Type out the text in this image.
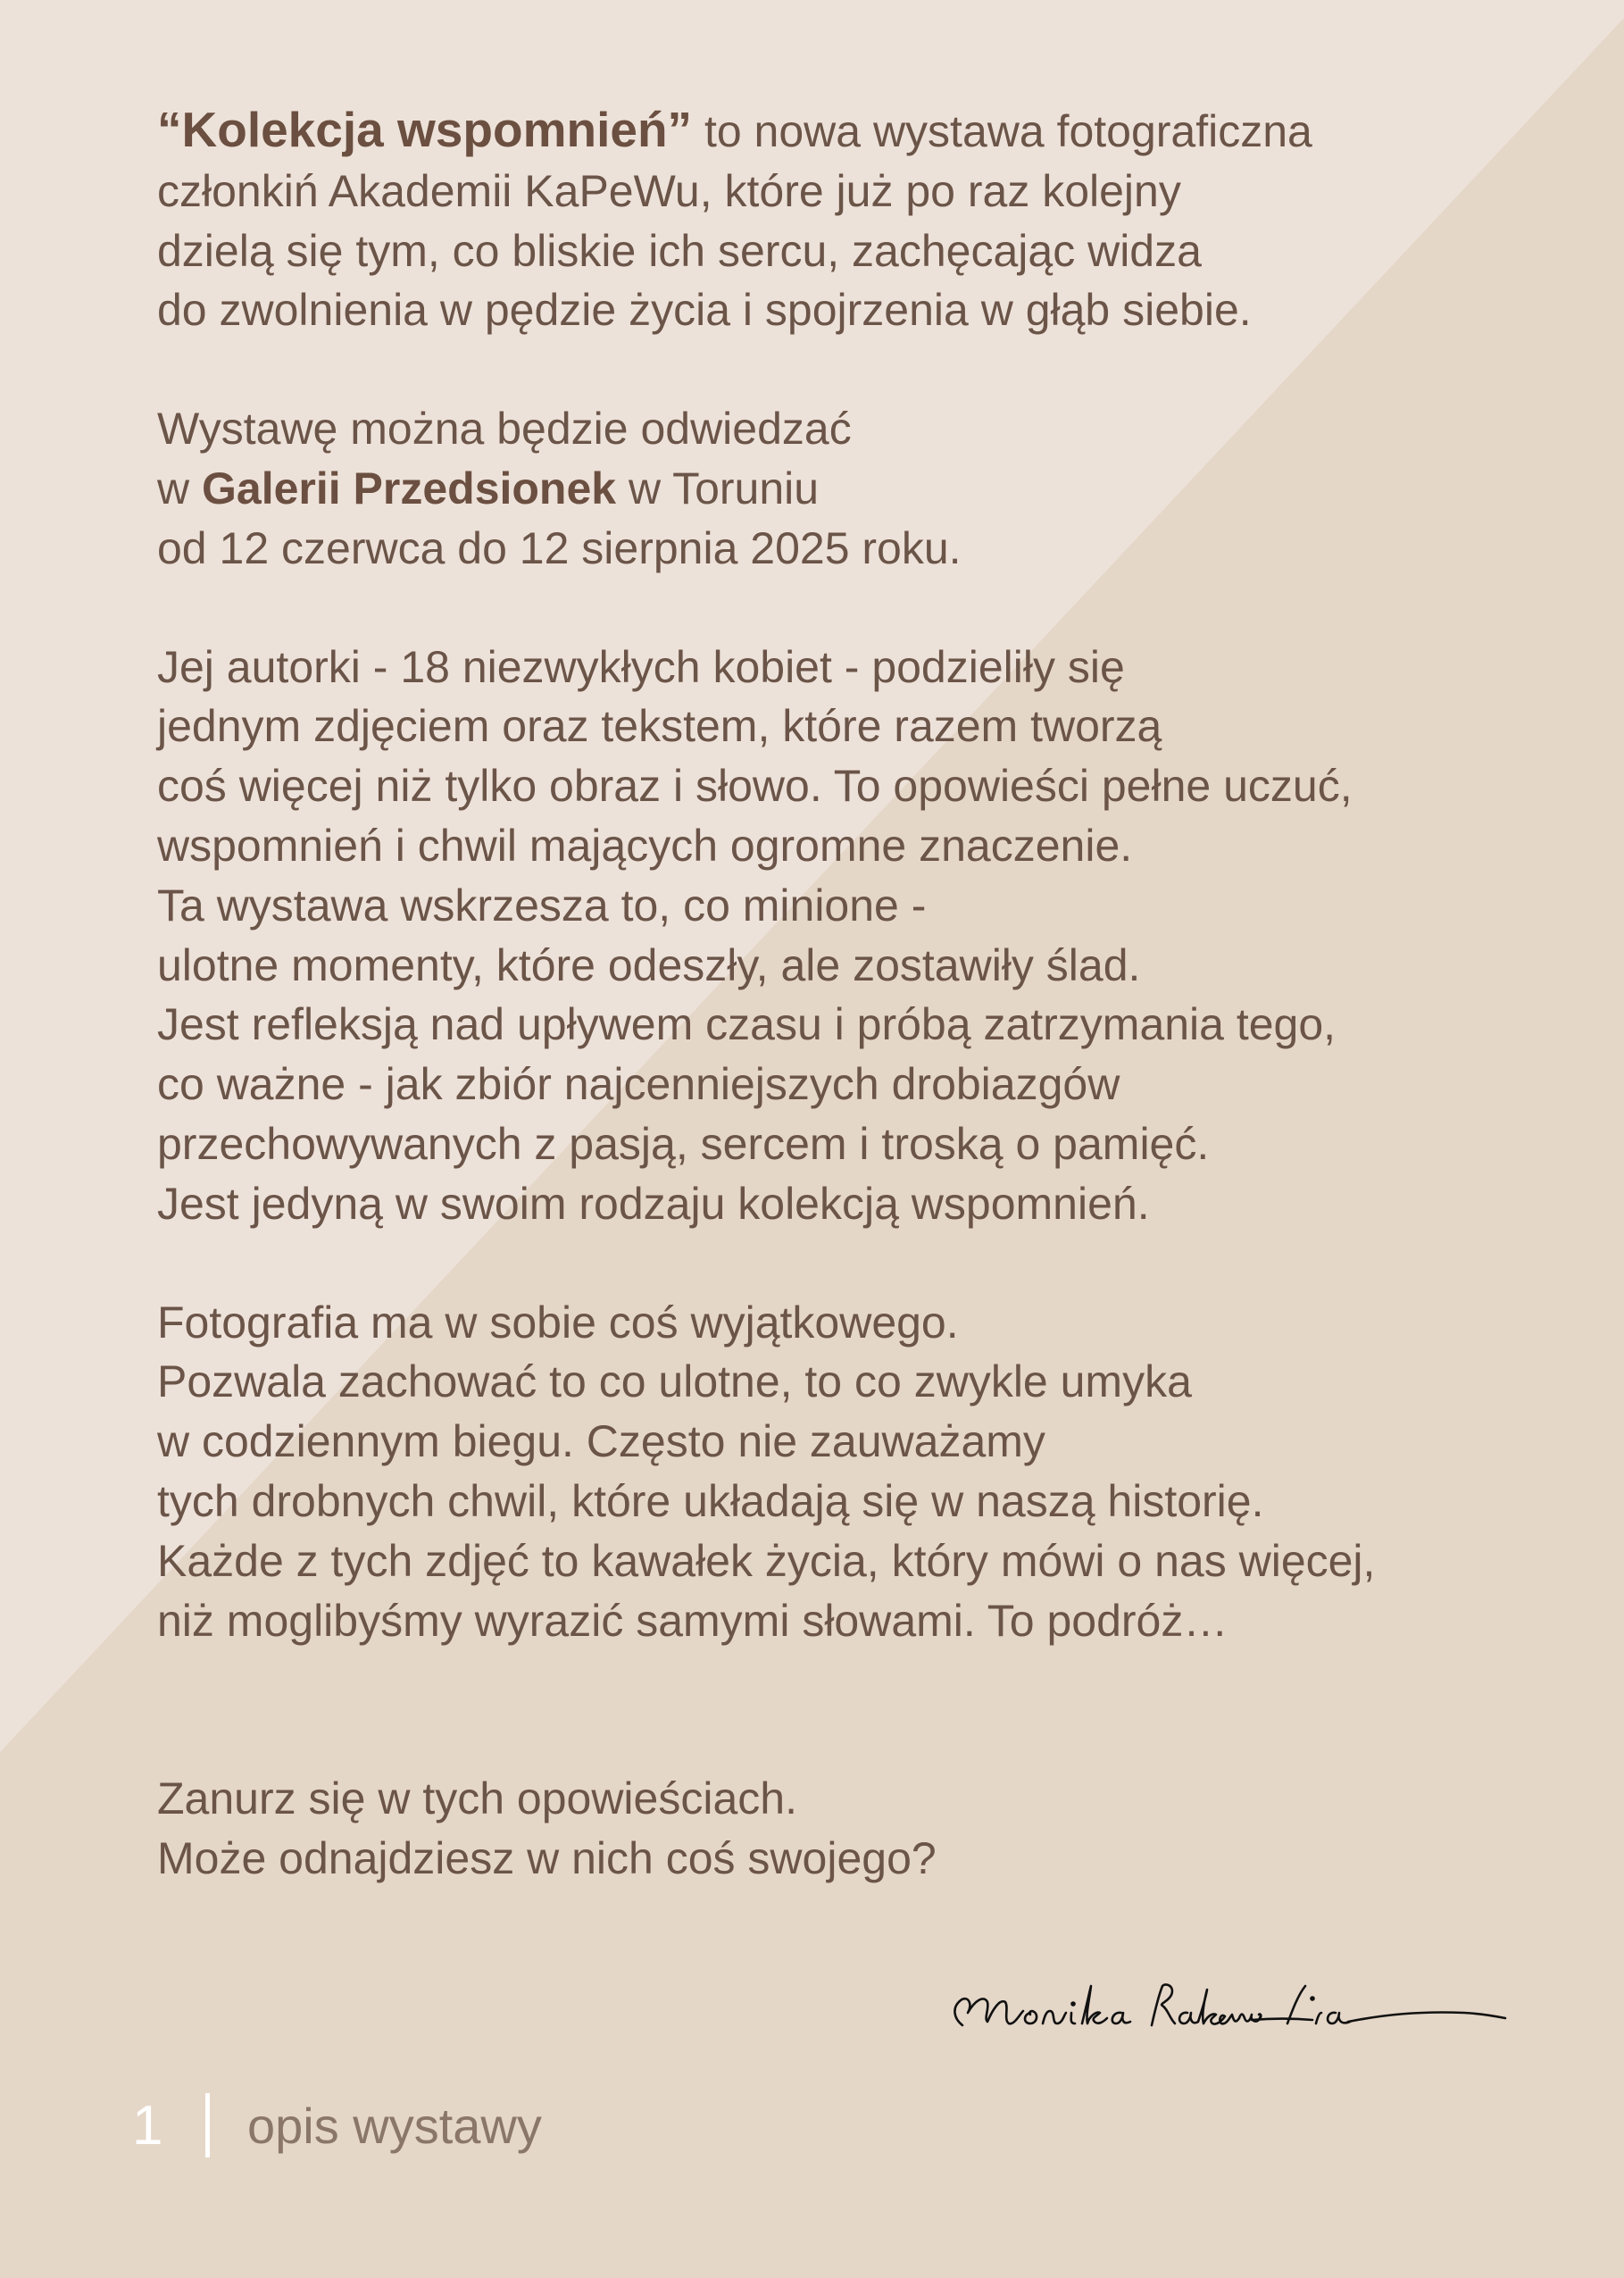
“Kolekcja wspomnień” to nowa wystawa fotograficzna
członkiń Akademii KaPeWu, które już po raz kolejny
dzielą się tym, co bliskie ich sercu, zachęcając widza
do zwolnienia w pędzie życia i spojrzenia w głąb siebie.

Wystawę można będzie odwiedzać
w Galerii Przedsionek w Toruniu
od 12 czerwca do 12 sierpnia 2025 roku.

Jej autorki - 18 niezwykłych kobiet - podzieliły się
jednym zdjęciem oraz tekstem, które razem tworzą
coś więcej niż tylko obraz i słowo. To opowieści pełne uczuć,
wspomnień i chwil mających ogromne znaczenie.
Ta wystawa wskrzesza to, co minione -
ulotne momenty, które odeszły, ale zostawiły ślad.
Jest refleksją nad upływem czasu i próbą zatrzymania tego,
co ważne - jak zbiór najcenniejszych drobiazgów
przechowywanych z pasją, sercem i troską o pamięć.
Jest jedyną w swoim rodzaju kolekcją wspomnień.

Fotografia ma w sobie coś wyjątkowego.
Pozwala zachować to co ulotne, to co zwykle umyka
w codziennym biegu. Często nie zauważamy
tych drobnych chwil, które układają się w naszą historię.
Każde z tych zdjęć to kawałek życia, który mówi o nas więcej,
niż moglibyśmy wyrazić samymi słowami. To podróż…

Zanurz się w tych opowieściach.
Może odnajdziesz w nich coś swojego?

1	opis wystawy
